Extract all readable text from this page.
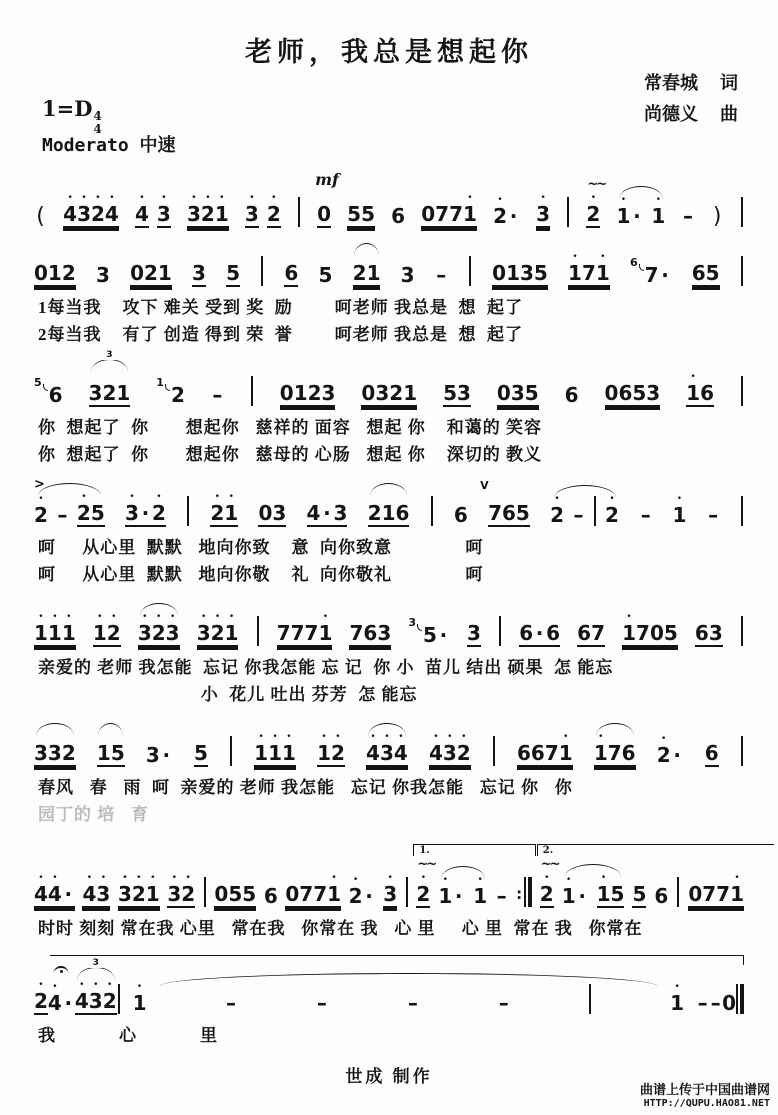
老师，我总是想起你
常春城 词
尚德义 曲
1=D 4
4
Moderato 中速

(
•
4
•
3
•
2
•
4
•
4

•
3
•
3
•
2
•
1
•
3

•
2
mf

0
5
5
6
0
7
7
•
1
•
2
·
•
3
~~
•
2
•
1
·
•
1
–
)

0
1
2
3
0
2
1
3
5
6
5
2
1
3
–
0
1
3
5
•
1
7
•
1 6

7
·
6
5
1每当我    攻下 难关 受到 奖  励        呵老师 我总是  想  起了
2每当我    有了 创造 得到 荣  誉        呵老师 我总是  想  起了
5

6
3

3
2
1 1

2
–
	0
1
2
3
0
3
2
1
5
3
0
3
5
6
0
6
5
3
•
1
6
你  想起了  你       想起你   慈祥的 面容   想起 你    和蔼的 笑容
你  想起了  你       想起你   慈母的 心肠   想起 你    深切的 教义
>
•
2
–
•
2
5
•
3
·
•
2
•
2
•
1
0
3
4
·
3
2
1
6
6
V

7
6
5
•
2
–
•
2
–
•
1
–
呵     从心里  默默   地向你致    意  向你致意              呵
呵     从心里  默默   地向你敬    礼  向你敬礼              呵
•
1
•
1
•
1
•
1
•
2
•
3
•
2
•
3
•
3
•
2
•
1
7
7
7
•
1
7
6
3 3

5
·
3
6
·
6
6
7
•
1
7
0
5
6
3
亲爱的 老师 我怎能  忘记 你我怎能 忘 记  你 小  苗儿 结出 硕果  怎 能忘
小  花儿 吐出 芬芳  怎 能忘

3
3
2
1
5
3
·
5
•
1
•
1
•
1
•
1
•
2
•
4
•
3
•
4
•
4
•
3
•
2
6
6
7
•
1
•
1
7
6
•
2
·
6
春风   春   雨  呵  亲爱的 老师 我怎能   忘记 你我怎能   忘记 你   你
园丁的 培   育
•
4
•
4
·
•
4
•
3
•
3
•
2
•
1
•
3
•
2
0
5
5
6
0
7
7
•
1
•
2
·
•
3
1.
~~
•
2
•
1
·
•
1
– :
2.
~~
•
2
•
1
·
•
1
5
5
6
0
7
7
•
1
时时 刻刻 常在我 心里   常在我   你常在 我   心 里     心 里  常在 我   你常在
•
2
•
4
·
3
•
4
•
3
•
2
•
1
	–
	–
	–
	–
•
1
–
–
0
我            心            里
世成 制作
曲谱上传于中国曲谱网
HTTP://QUPU.HAO81.NET
